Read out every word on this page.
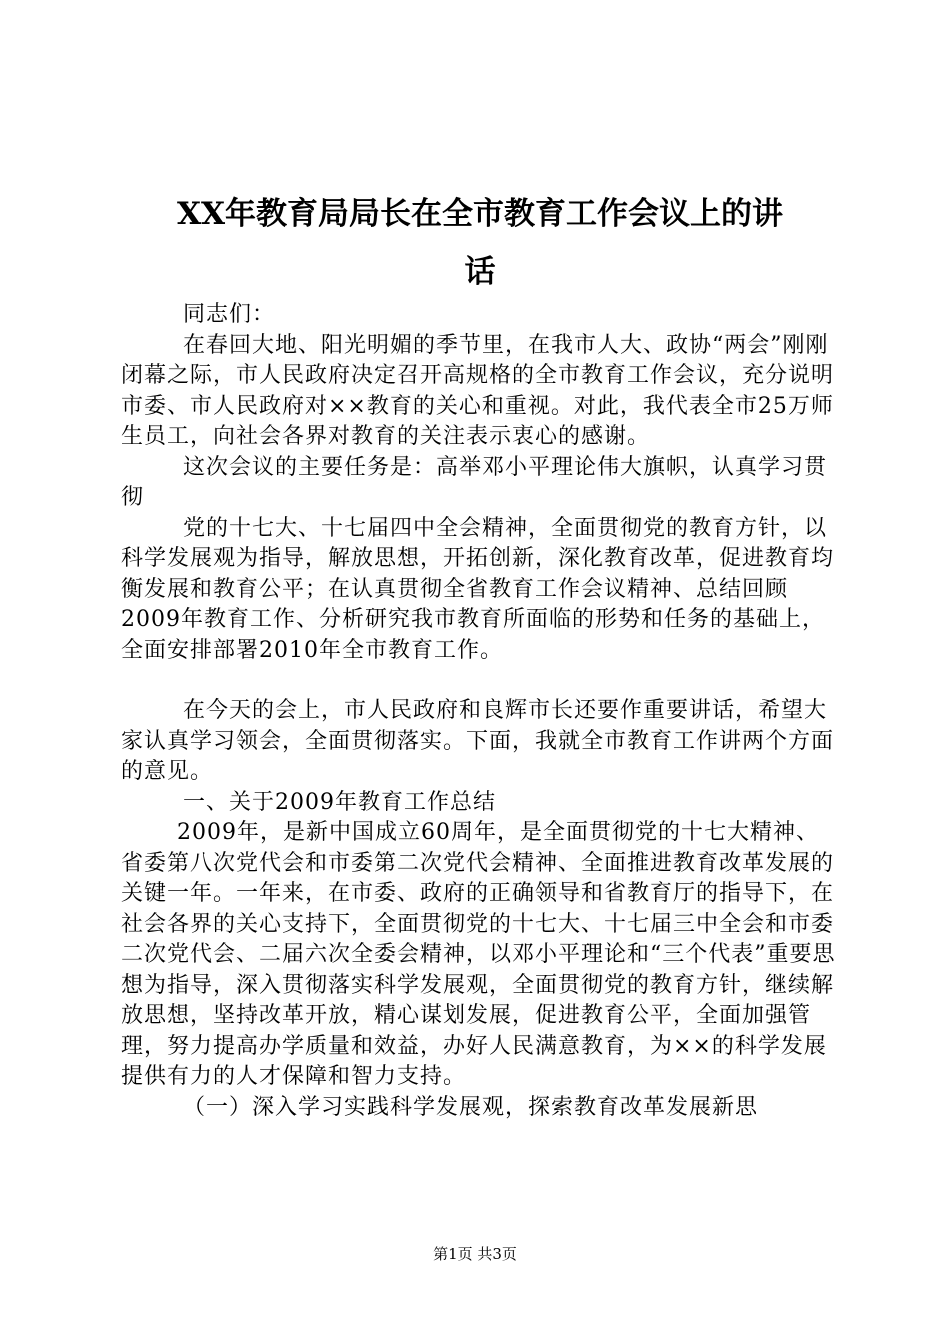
XX年教育局局长在全市教育工作会议上的讲
话

同志们：

在春回大地、阳光明媚的季节里，在我市人大、政协“两会”刚刚闭幕之际，市人民政府决定召开高规格的全市教育工作会议，充分说明市委、市人民政府对××教育的关心和重视。对此，我代表全市25万师生员工，向社会各界对教育的关注表示衷心的感谢。

这次会议的主要任务是：高举邓小平理论伟大旗帜，认真学习贯彻

党的十七大、十七届四中全会精神，全面贯彻党的教育方针，以科学发展观为指导，解放思想，开拓创新，深化教育改革，促进教育均衡发展和教育公平；在认真贯彻全省教育工作会议精神、总结回顾2009年教育工作、分析研究我市教育所面临的形势和任务的基础上，全面安排部署2010年全市教育工作。

在今天的会上，市人民政府和良辉市长还要作重要讲话，希望大家认真学习领会，全面贯彻落实。下面，我就全市教育工作讲两个方面的意见。

一、关于2009年教育工作总结

2009年，是新中国成立60周年，是全面贯彻党的十七大精神、省委第八次党代会和市委第二次党代会精神、全面推进教育改革发展的关键一年。一年来，在市委、政府的正确领导和省教育厅的指导下，在社会各界的关心支持下，全面贯彻党的十七大、十七届三中全会和市委二次党代会、二届六次全委会精神，以邓小平理论和“三个代表”重要思想为指导，深入贯彻落实科学发展观，全面贯彻党的教育方针，继续解放思想，坚持改革开放，精心谋划发展，促进教育公平，全面加强管理，努力提高办学质量和效益，办好人民满意教育，为××的科学发展提供有力的人才保障和智力支持。

（一）深入学习实践科学发展观，探索教育改革发展新思

第1页 共3页
